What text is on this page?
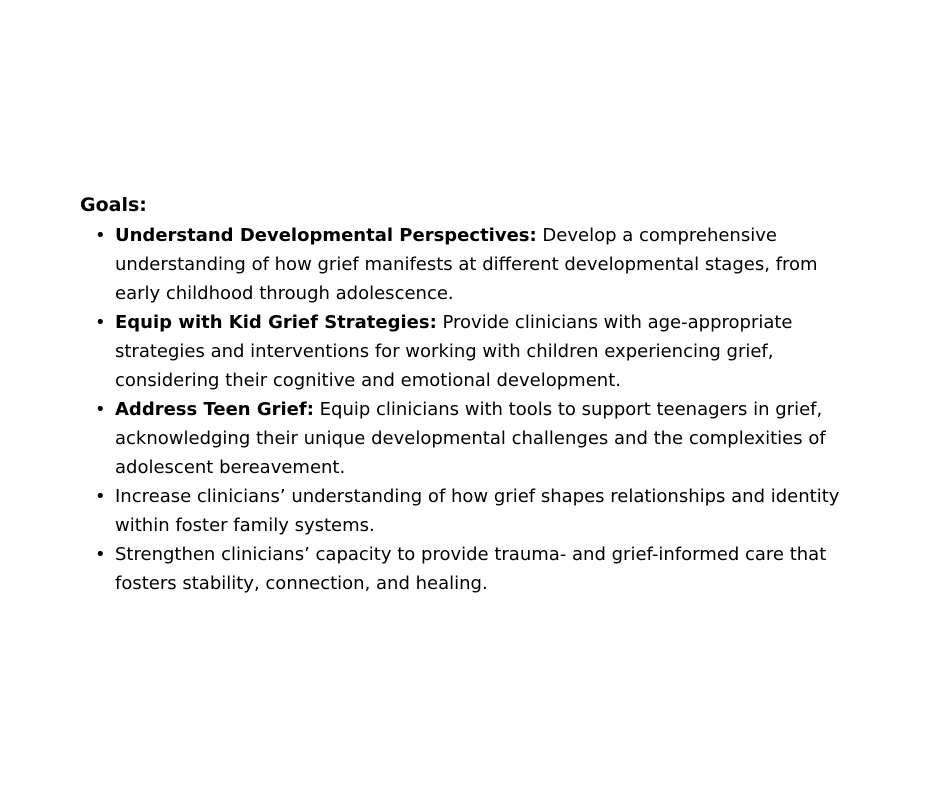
Goals:
• Understand Developmental Perspectives: Develop a comprehensive understanding of how grief manifests at different developmental stages, from early childhood through adolescence.
• Equip with Kid Grief Strategies: Provide clinicians with age-appropriate strategies and interventions for working with children experiencing grief, considering their cognitive and emotional development.
• Address Teen Grief: Equip clinicians with tools to support teenagers in grief, acknowledging their unique developmental challenges and the complexities of adolescent bereavement.
• Increase clinicians’ understanding of how grief shapes relationships and identity within foster family systems.
• Strengthen clinicians’ capacity to provide trauma- and grief-informed care that fosters stability, connection, and healing.
